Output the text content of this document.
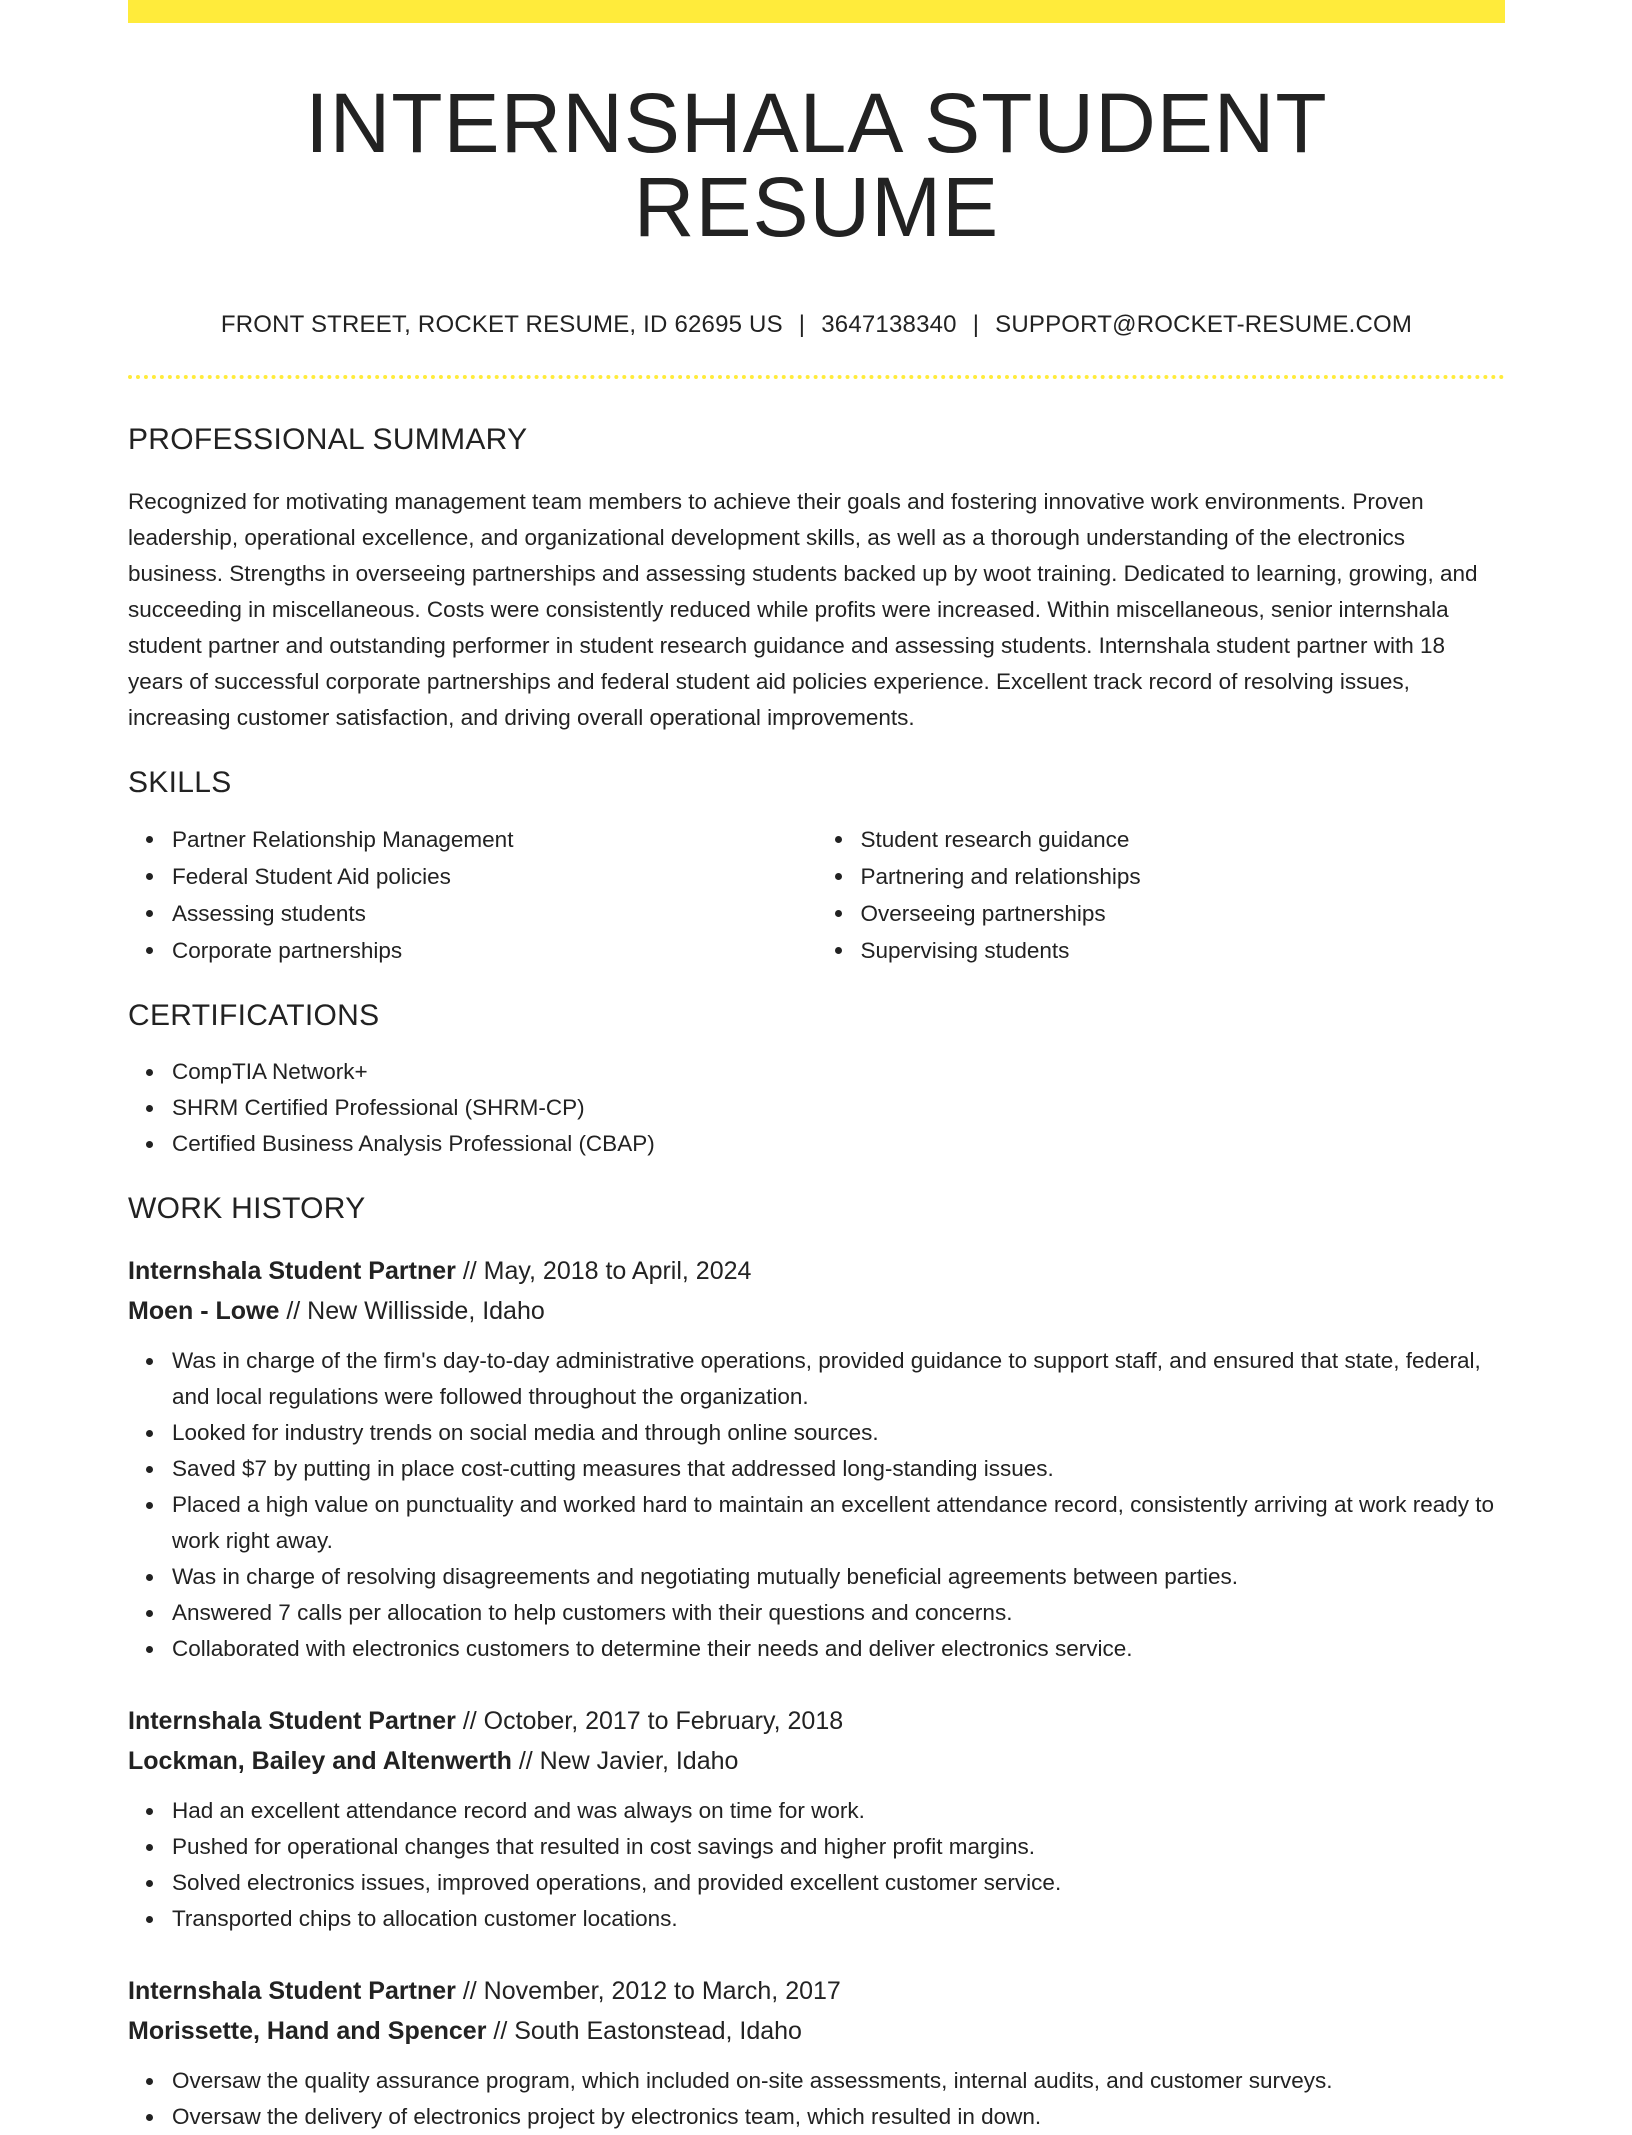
INTERNSHALA STUDENT RESUME
FRONT STREET, ROCKET RESUME, ID 62695 US | 3647138340 | SUPPORT@ROCKET-RESUME.COM
PROFESSIONAL SUMMARY

Recognized for motivating management team members to achieve their goals and fostering innovative work environments. Proven leadership, operational excellence, and organizational development skills, as well as a thorough understanding of the electronics business. Strengths in overseeing partnerships and assessing students backed up by woot training. Dedicated to learning, growing, and succeeding in miscellaneous. Costs were consistently reduced while profits were increased. Within miscellaneous, senior internshala student partner and outstanding performer in student research guidance and assessing students. Internshala student partner with 18 years of successful corporate partnerships and federal student aid policies experience. Excellent track record of resolving issues, increasing customer satisfaction, and driving overall operational improvements.

SKILLS
Partner Relationship Management
Federal Student Aid policies
Assessing students
Corporate partnerships
Student research guidance
Partnering and relationships
Overseeing partnerships
Supervising students
CERTIFICATIONS
CompTIA Network+
SHRM Certified Professional (SHRM-CP)
Certified Business Analysis Professional (CBAP)
WORK HISTORY
Internshala Student Partner // May, 2018 to April, 2024
Moen - Lowe // New Willisside, Idaho
Was in charge of the firm's day-to-day administrative operations, provided guidance to support staff, and ensured that state, federal, and local regulations were followed throughout the organization.
Looked for industry trends on social media and through online sources.
Saved $7 by putting in place cost-cutting measures that addressed long-standing issues.
Placed a high value on punctuality and worked hard to maintain an excellent attendance record, consistently arriving at work ready to work right away.
Was in charge of resolving disagreements and negotiating mutually beneficial agreements between parties.
Answered 7 calls per allocation to help customers with their questions and concerns.
Collaborated with electronics customers to determine their needs and deliver electronics service.
Internshala Student Partner // October, 2017 to February, 2018
Lockman, Bailey and Altenwerth // New Javier, Idaho
Had an excellent attendance record and was always on time for work.
Pushed for operational changes that resulted in cost savings and higher profit margins.
Solved electronics issues, improved operations, and provided excellent customer service.
Transported chips to allocation customer locations.
Internshala Student Partner // November, 2012 to March, 2017
Morissette, Hand and Spencer // South Eastonstead, Idaho
Oversaw the quality assurance program, which included on-site assessments, internal audits, and customer surveys.
Oversaw the delivery of electronics project by electronics team, which resulted in down.
